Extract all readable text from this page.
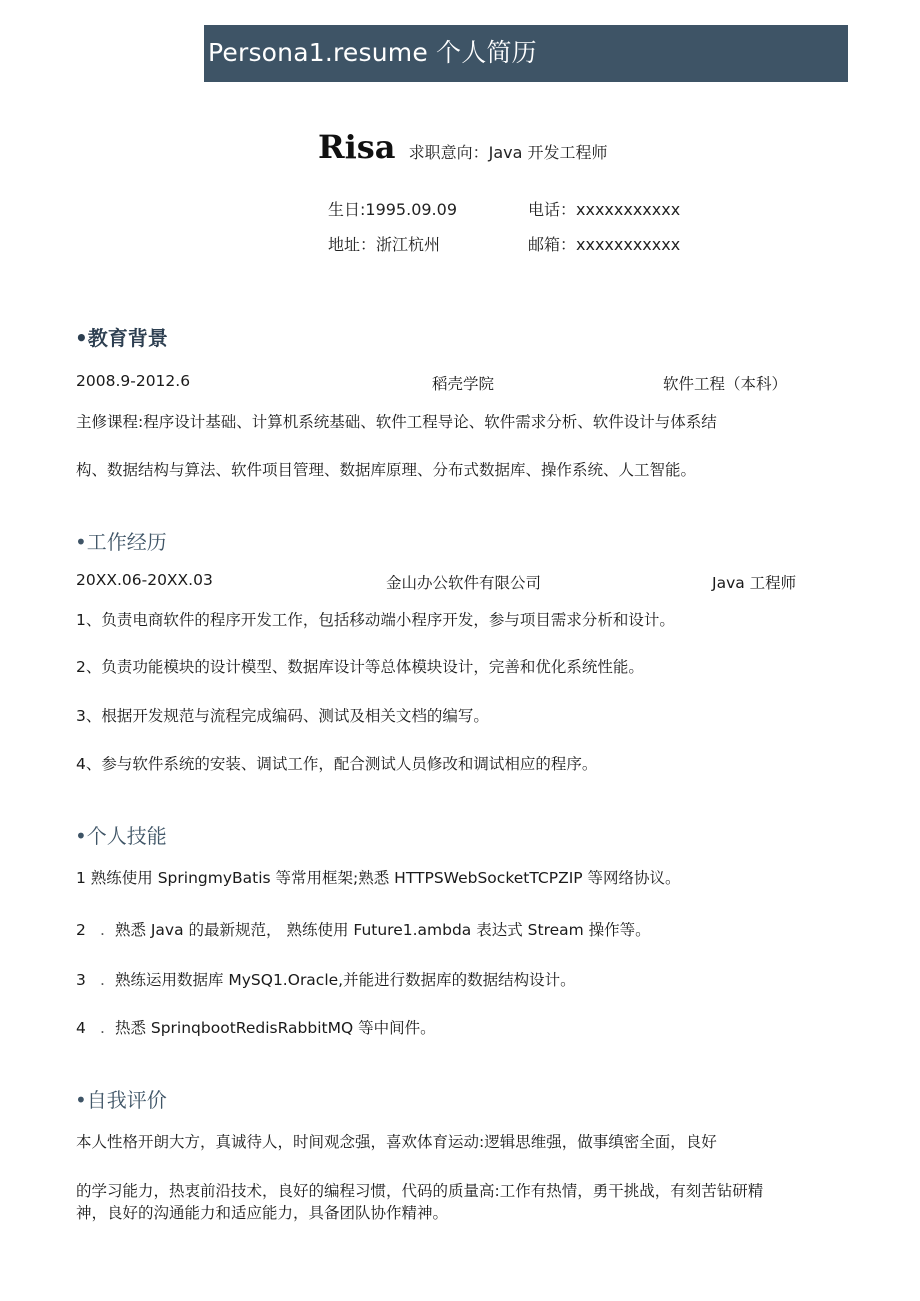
Persona1.resume 个人简历
Risa 求职意向：Java 开发工程师
生日:1995.09.09	电话：xxxxxxxxxxx
地址：浙江杭州	邮箱：xxxxxxxxxxx
•教育背景
2008.9-2012.6	稻壳学院	软件工程（本科）
主修课程:程序设计基础、计算机系统基础、软件工程导论、软件需求分析、软件设计与体系结
构、数据结构与算法、软件项目管理、数据库原理、分布式数据库、操作系统、人工智能。
•工作经历
20XX.06-20XX.03	金山办公软件有限公司	Java 工程师
1、负责电商软件的程序开发工作，包括移动端小程序开发，参与项目需求分析和设计。
2、负责功能模块的设计模型、数据库设计等总体模块设计，完善和优化系统性能。
3、根据开发规范与流程完成编码、测试及相关文档的编写。
4、参与软件系统的安装、调试工作，配合测试人员修改和调试相应的程序。
•个人技能
1 熟练使用 SpringmyBatis 等常用框架;熟悉 HTTPSWebSocketTCPZIP 等网络协议。
2 . 熟悉 Java 的最新规范， 熟练使用 Future1.ambda 表达式 Stream 操作等。
3 . 熟练运用数据库 MySQ1.Oracle,并能进行数据库的数据结构设计。
4 . 热悉 SprinqbootRedisRabbitMQ 等中间件。
•自我评价
本人性格开朗大方，真诚待人，时间观念强，喜欢体育运动:逻辑思维强，做事缜密全面，良好
的学习能力，热衷前沿技术，良好的编程习惯，代码的质量高:工作有热情，勇干挑战，有刻苦钻研精
神，良好的沟通能力和适应能力，具备团队协作精神。
